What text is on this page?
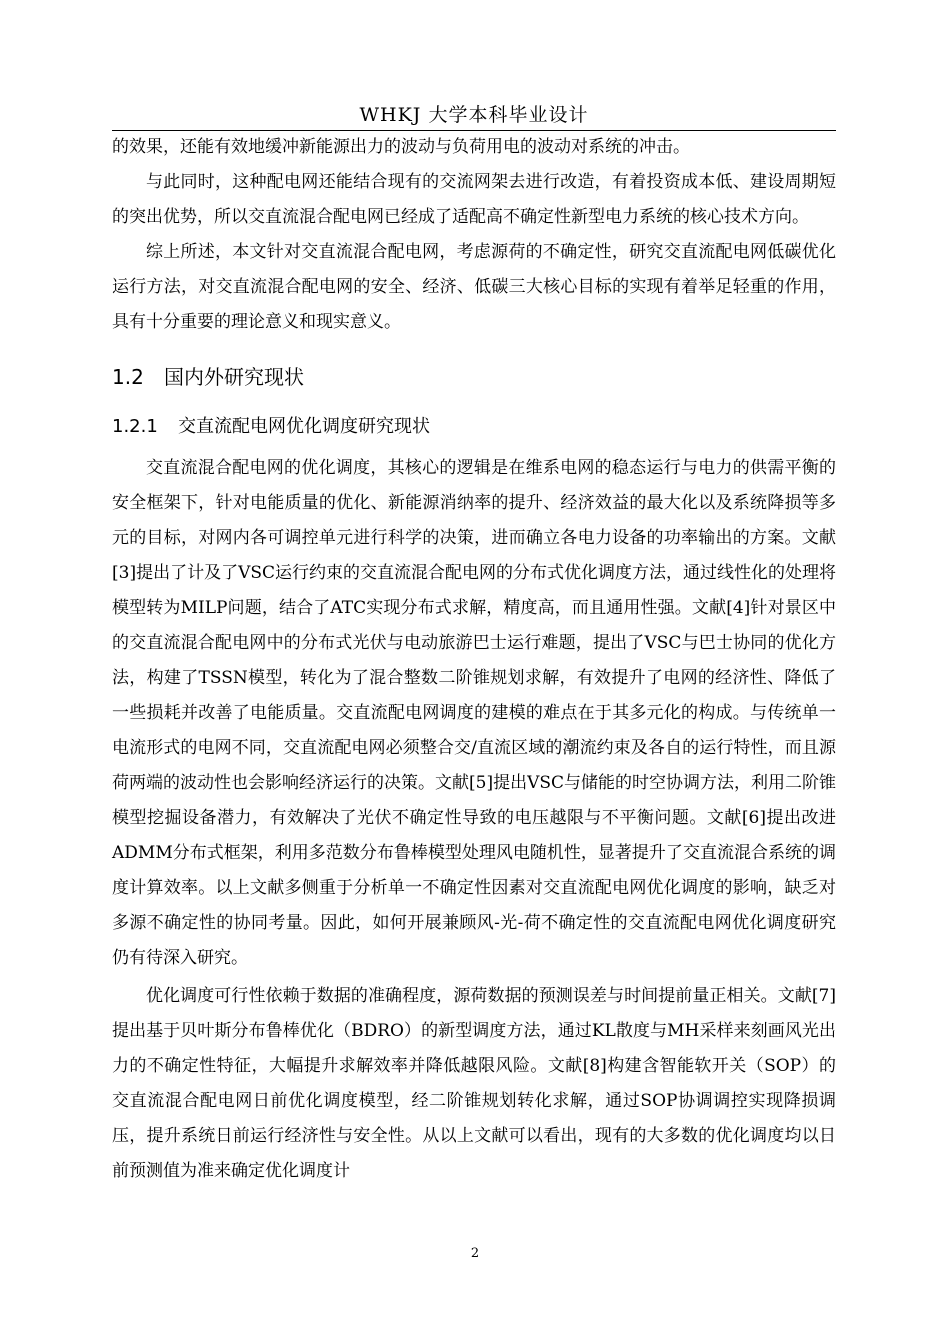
WHKJ 大学本科毕业设计

的效果，还能有效地缓冲新能源出力的波动与负荷用电的波动对系统的冲击。

与此同时，这种配电网还能结合现有的交流网架去进行改造，有着投资成本低、建设周期短的突出优势，所以交直流混合配电网已经成了适配高不确定性新型电力系统的核心技术方向。

综上所述，本文针对交直流混合配电网，考虑源荷的不确定性，研究交直流配电网低碳优化运行方法，对交直流混合配电网的安全、经济、低碳三大核心目标的实现有着举足轻重的作用，具有十分重要的理论意义和现实意义。

1.2 国内外研究现状
1.2.1 交直流配电网优化调度研究现状

交直流混合配电网的优化调度，其核心的逻辑是在维系电网的稳态运行与电力的供需平衡的安全框架下，针对电能质量的优化、新能源消纳率的提升、经济效益的最大化以及系统降损等多元的目标，对网内各可调控单元进行科学的决策，进而确立各电力设备的功率输出的方案。文献[3]提出了计及了VSC运行约束的交直流混合配电网的分布式优化调度方法，通过线性化的处理将模型转为MILP问题，结合了ATC实现分布式求解，精度高，而且通用性强。文献[4]针对景区中的交直流混合配电网中的分布式光伏与电动旅游巴士运行难题，提出了VSC与巴士协同的优化方法，构建了TSSN模型，转化为了混合整数二阶锥规划求解，有效提升了电网的经济性、降低了一些损耗并改善了电能质量。交直流配电网调度的建模的难点在于其多元化的构成。与传统单一电流形式的电网不同，交直流配电网必须整合交/直流区域的潮流约束及各自的运行特性，而且源荷两端的波动性也会影响经济运行的决策。文献[5]提出VSC与储能的时空协调方法，利用二阶锥模型挖掘设备潜力，有效解决了光伏不确定性导致的电压越限与不平衡问题。文献[6]提出改进ADMM分布式框架，利用多范数分布鲁棒模型处理风电随机性，显著提升了交直流混合系统的调度计算效率。以上文献多侧重于分析单一不确定性因素对交直流配电网优化调度的影响，缺乏对多源不确定性的协同考量。因此，如何开展兼顾风-光-荷不确定性的交直流配电网优化调度研究仍有待深入研究。

优化调度可行性依赖于数据的准确程度，源荷数据的预测误差与时间提前量正相关。文献[7]提出基于贝叶斯分布鲁棒优化（BDRO）的新型调度方法，通过KL散度与MH采样来刻画风光出力的不确定性特征，大幅提升求解效率并降低越限风险。文献[8]构建含智能软开关（SOP）的交直流混合配电网日前优化调度模型，经二阶锥规划转化求解，通过SOP协调调控实现降损调压，提升系统日前运行经济性与安全性。从以上文献可以看出，现有的大多数的优化调度均以日前预测值为准来确定优化调度计

2
